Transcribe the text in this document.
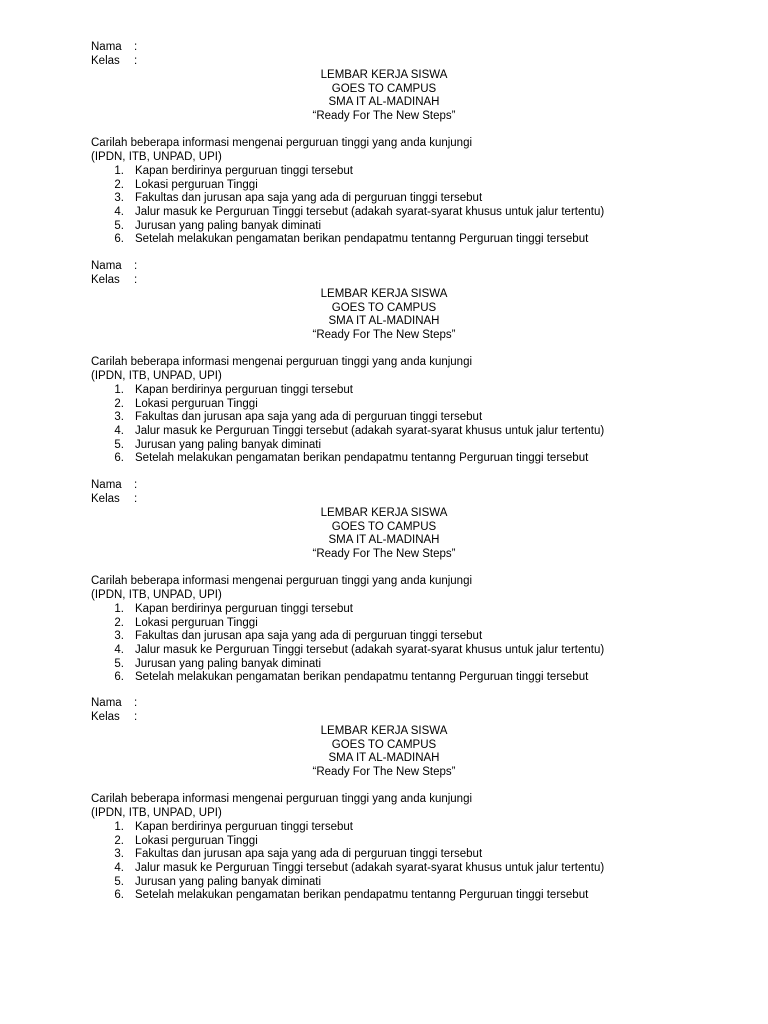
Nama :
Kelas :
LEMBAR KERJA SISWA
GOES TO CAMPUS
SMA IT AL-MADINAH
“Ready For The New Steps”
Carilah beberapa informasi mengenai perguruan tinggi yang anda kunjungi
(IPDN, ITB, UNPAD, UPI)
1. Kapan berdirinya perguruan tinggi tersebut
2. Lokasi perguruan Tinggi
3. Fakultas dan jurusan apa saja yang ada di perguruan tinggi tersebut
4. Jalur masuk ke Perguruan Tinggi tersebut (adakah syarat-syarat khusus untuk jalur tertentu)
5. Jurusan yang paling banyak diminati
6. Setelah melakukan pengamatan berikan pendapatmu tentanng Perguruan tinggi tersebut
Nama :
Kelas :
LEMBAR KERJA SISWA
GOES TO CAMPUS
SMA IT AL-MADINAH
“Ready For The New Steps”
Carilah beberapa informasi mengenai perguruan tinggi yang anda kunjungi
(IPDN, ITB, UNPAD, UPI)
1. Kapan berdirinya perguruan tinggi tersebut
2. Lokasi perguruan Tinggi
3. Fakultas dan jurusan apa saja yang ada di perguruan tinggi tersebut
4. Jalur masuk ke Perguruan Tinggi tersebut (adakah syarat-syarat khusus untuk jalur tertentu)
5. Jurusan yang paling banyak diminati
6. Setelah melakukan pengamatan berikan pendapatmu tentanng Perguruan tinggi tersebut
Nama :
Kelas :
LEMBAR KERJA SISWA
GOES TO CAMPUS
SMA IT AL-MADINAH
“Ready For The New Steps”
Carilah beberapa informasi mengenai perguruan tinggi yang anda kunjungi
(IPDN, ITB, UNPAD, UPI)
1. Kapan berdirinya perguruan tinggi tersebut
2. Lokasi perguruan Tinggi
3. Fakultas dan jurusan apa saja yang ada di perguruan tinggi tersebut
4. Jalur masuk ke Perguruan Tinggi tersebut (adakah syarat-syarat khusus untuk jalur tertentu)
5. Jurusan yang paling banyak diminati
6. Setelah melakukan pengamatan berikan pendapatmu tentanng Perguruan tinggi tersebut
Nama :
Kelas :
LEMBAR KERJA SISWA
GOES TO CAMPUS
SMA IT AL-MADINAH
“Ready For The New Steps”
Carilah beberapa informasi mengenai perguruan tinggi yang anda kunjungi
(IPDN, ITB, UNPAD, UPI)
1. Kapan berdirinya perguruan tinggi tersebut
2. Lokasi perguruan Tinggi
3. Fakultas dan jurusan apa saja yang ada di perguruan tinggi tersebut
4. Jalur masuk ke Perguruan Tinggi tersebut (adakah syarat-syarat khusus untuk jalur tertentu)
5. Jurusan yang paling banyak diminati
6. Setelah melakukan pengamatan berikan pendapatmu tentanng Perguruan tinggi tersebut
